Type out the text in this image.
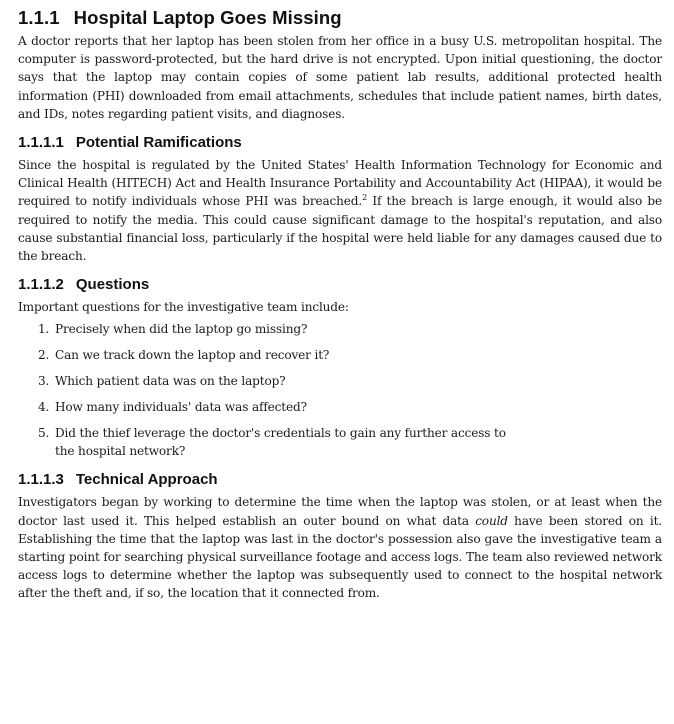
1.1.1 Hospital Laptop Goes Missing

A doctor reports that her laptop has been stolen from her office in a busy U.S. metropolitan hospital. The computer is password-protected, but the hard drive is not encrypted. Upon initial questioning, the doctor says that the laptop may contain copies of some patient lab results, additional protected health information (PHI) downloaded from email attachments, schedules that include patient names, birth dates, and IDs, notes regarding patient visits, and diagnoses.

1.1.1.1 Potential Ramifications

Since the hospital is regulated by the United States' Health Information Technology for Economic and Clinical Health (HITECH) Act and Health Insurance Portability and Accountability Act (HIPAA), it would be required to notify individuals whose PHI was breached.$^2$ If the breach is large enough, it would also be required to notify the media. This could cause significant damage to the hospital's reputation, and also cause substantial financial loss, particularly if the hospital were held liable for any damages caused due to the breach.

1.1.1.2 Questions

Important questions for the investigative team include:

1. Precisely when did the laptop go missing?
2. Can we track down the laptop and recover it?
3. Which patient data was on the laptop?
4. How many individuals' data was affected?
5. Did the thief leverage the doctor's credentials to gain any further access to the hospital network?
1.1.1.3 Technical Approach

Investigators began by working to determine the time when the laptop was stolen, or at least when the doctor last used it. This helped establish an outer bound on what data could have been stored on it. Establishing the time that the laptop was last in the doctor's possession also gave the investigative team a starting point for searching physical surveillance footage and access logs. The team also reviewed network access logs to determine whether the laptop was subsequently used to connect to the hospital network after the theft and, if so, the location that it connected from.
